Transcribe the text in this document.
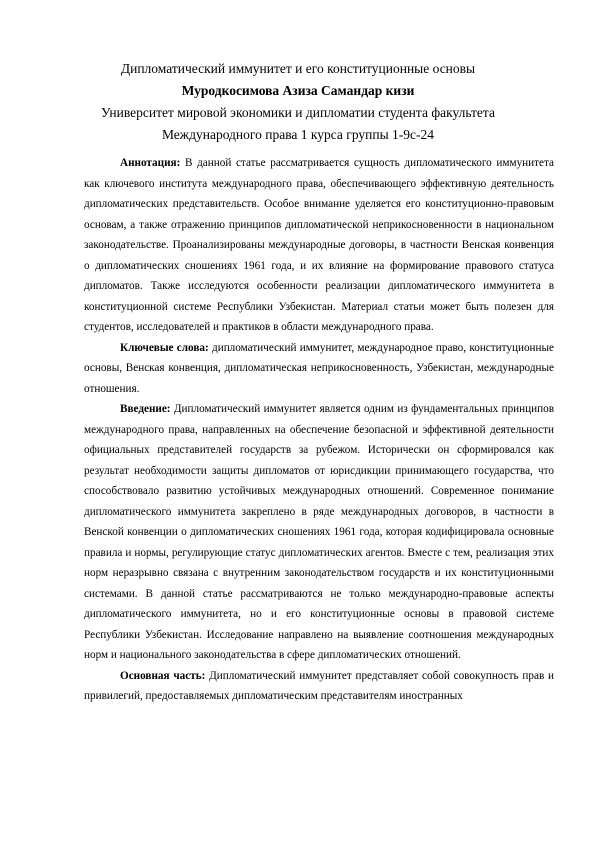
Дипломатический иммунитет и его конституционные основы
Муродкосимова Азиза Самандар кизи
Университет мировой экономики и дипломатии студента факультета
Международного права 1 курса группы 1-9с-24

Аннотация: В данной статье рассматривается сущность дипломатического иммунитета как ключевого института международного права, обеспечивающего эффективную деятельность дипломатических представительств. Особое внимание уделяется его конституционно-правовым основам, а также отражению принципов дипломатической неприкосновенности в национальном законодательстве. Проанализированы международные договоры, в частности Венская конвенция о дипломатических сношениях 1961 года, и их влияние на формирование правового статуса дипломатов. Также исследуются особенности реализации дипломатического иммунитета в конституционной системе Республики Узбекистан. Материал статьи может быть полезен для студентов, исследователей и практиков в области международного права.

Ключевые слова: дипломатический иммунитет, международное право, конституционные основы, Венская конвенция, дипломатическая неприкосновенность, Узбекистан, международные отношения.

Введение: Дипломатический иммунитет является одним из фундаментальных принципов международного права, направленных на обеспечение безопасной и эффективной деятельности официальных представителей государств за рубежом. Исторически он сформировался как результат необходимости защиты дипломатов от юрисдикции принимающего государства, что способствовало развитию устойчивых международных отношений. Современное понимание дипломатического иммунитета закреплено в ряде международных договоров, в частности в Венской конвенции о дипломатических сношениях 1961 года, которая кодифицировала основные правила и нормы, регулирующие статус дипломатических агентов. Вместе с тем, реализация этих норм неразрывно связана с внутренним законодательством государств и их конституционными системами. В данной статье рассматриваются не только международно-правовые аспекты дипломатического иммунитета, но и его конституционные основы в правовой системе Республики Узбекистан. Исследование направлено на выявление соотношения международных норм и национального законодательства в сфере дипломатических отношений.

Основная часть: Дипломатический иммунитет представляет собой совокупность прав и привилегий, предоставляемых дипломатическим представителям иностранных
